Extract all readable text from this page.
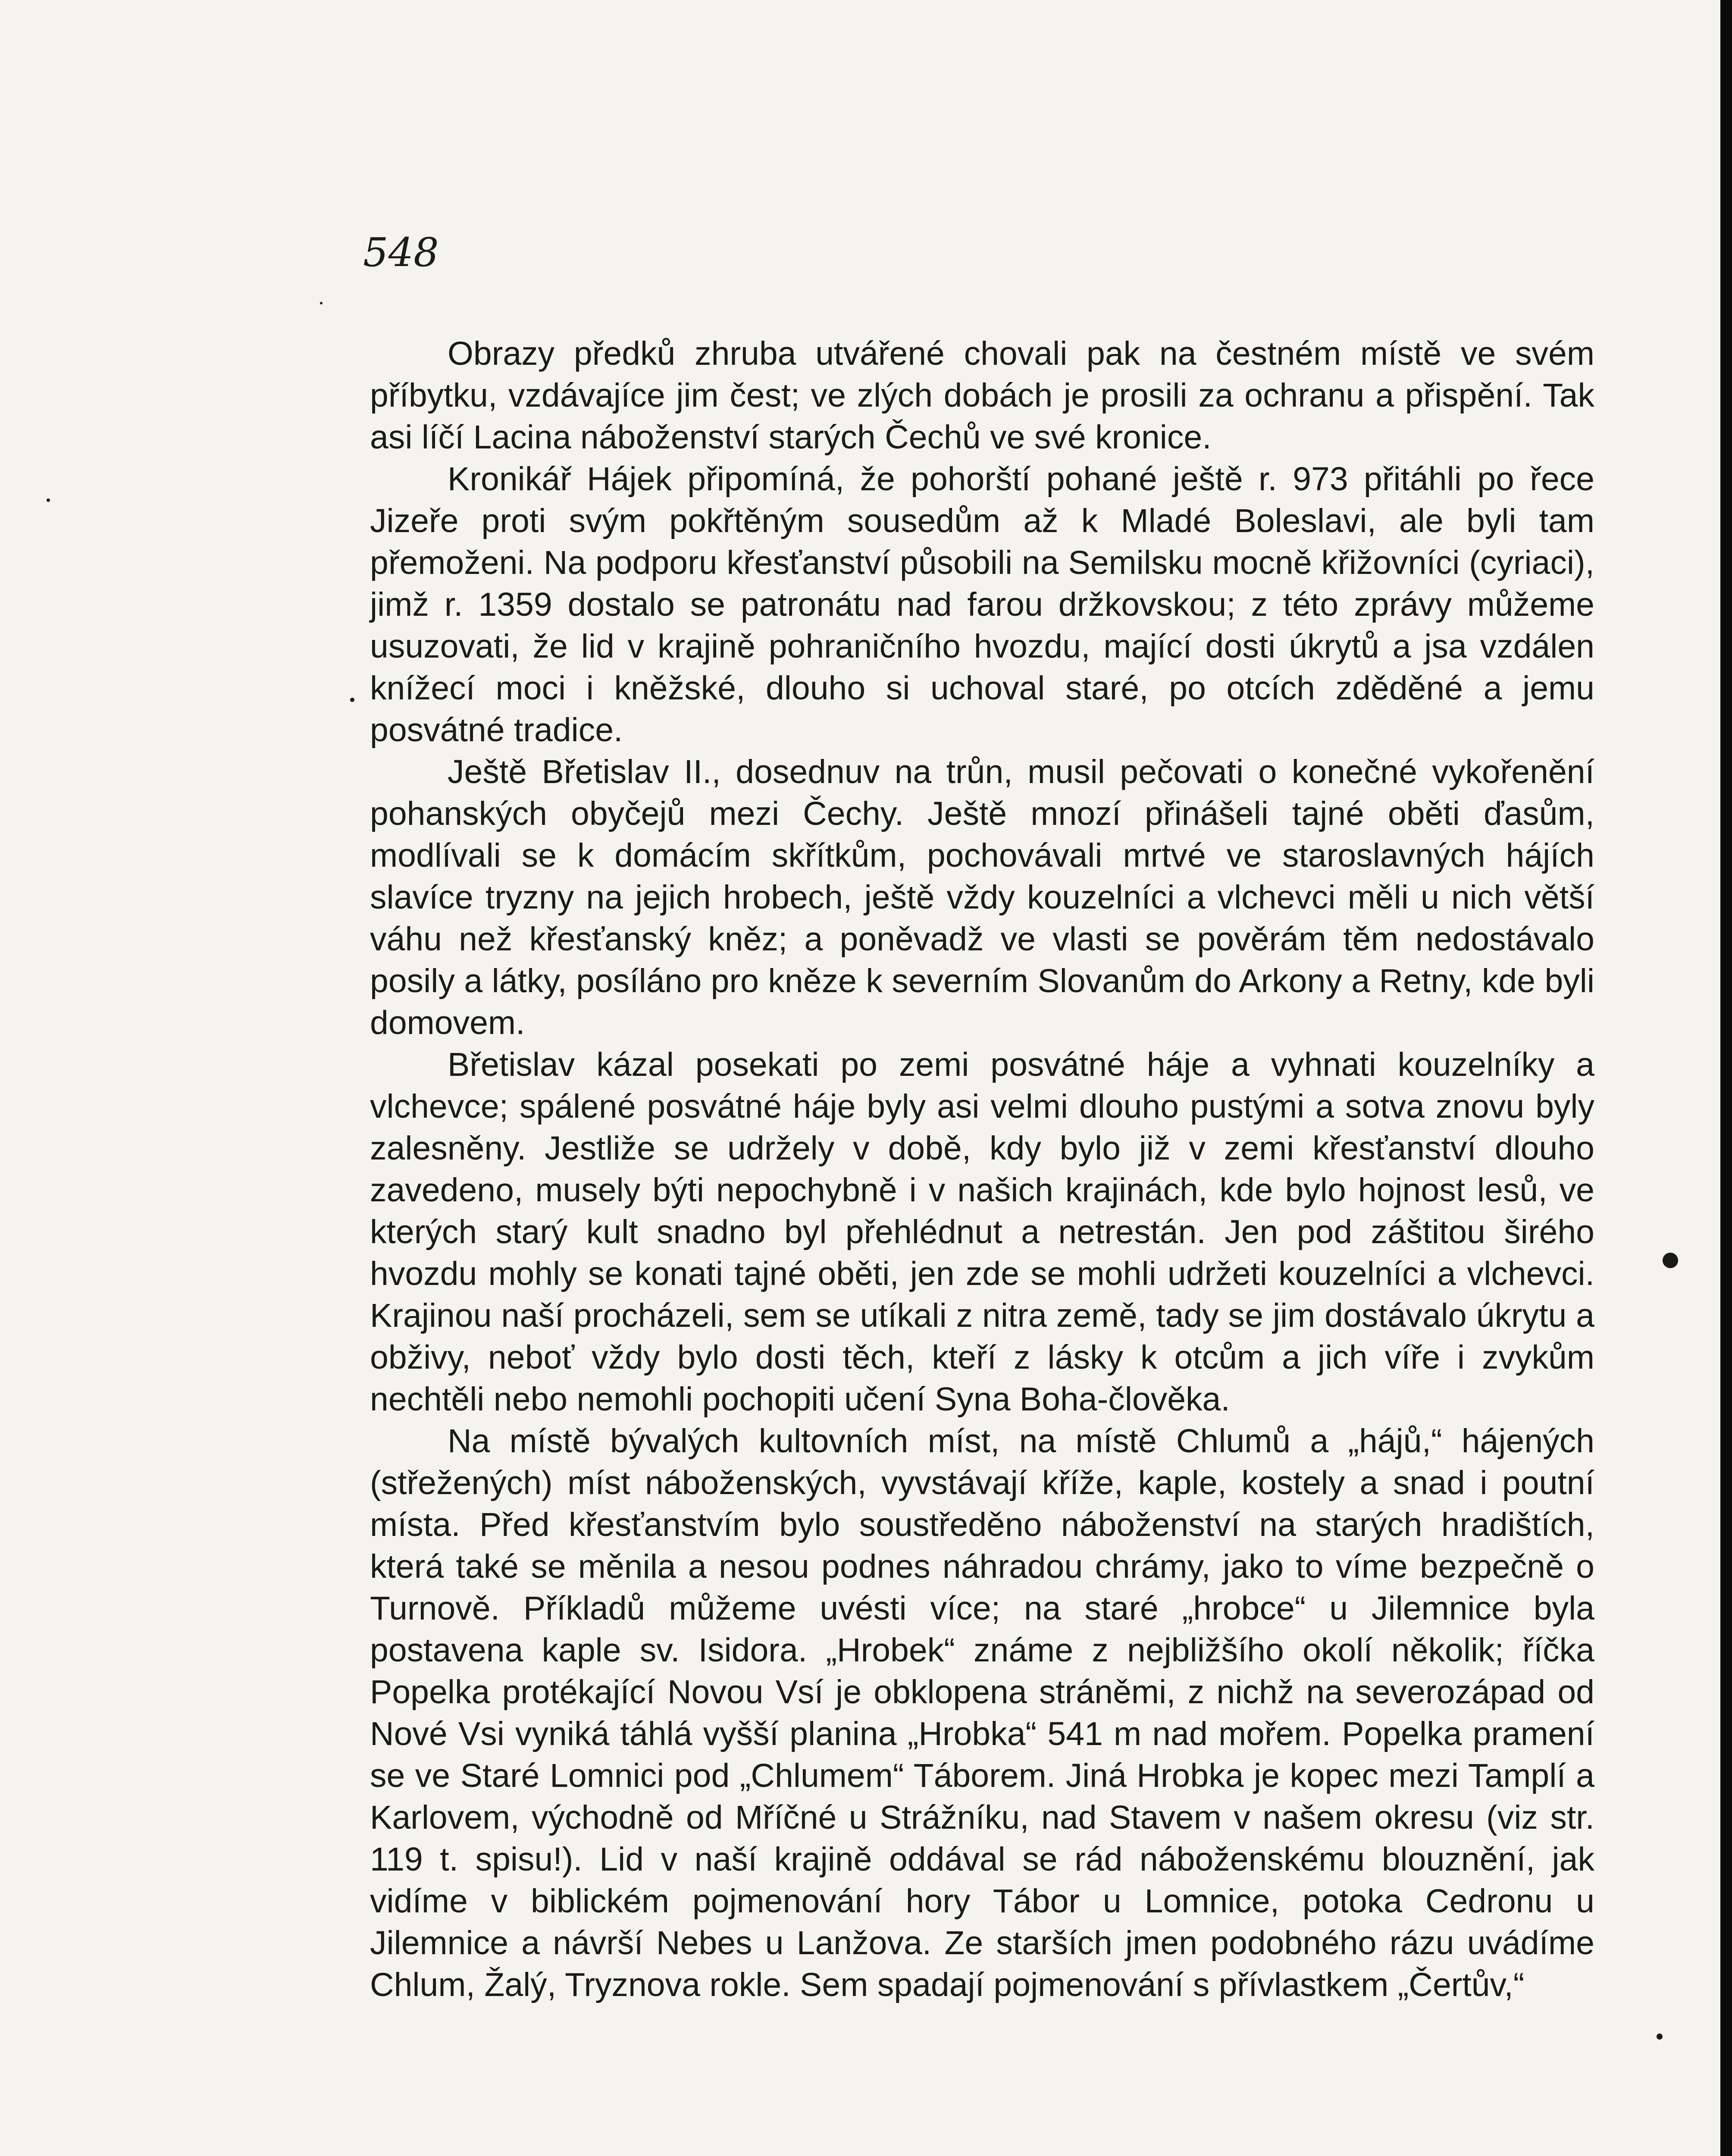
548

Obrazy předků zhruba utvářené chovali pak na čestném místě ve svém příbytku, vzdávajíce jim čest; ve zlých dobách je prosili za ochranu a přispění. Tak asi líčí Lacina náboženství starých Čechů ve své kronice.

Kronikář Hájek připomíná, že pohorští pohané ještě r. 973 přitáhli po řece Jizeře proti svým pokřtěným sousedům až k Mladé Boleslavi, ale byli tam přemoženi. Na podporu křesťanství působili na Semilsku mocně křižovníci (cyriaci), jimž r. 1359 dostalo se patronátu nad farou držkovskou; z této zprávy můžeme usuzovati, že lid v krajině pohraničního hvozdu, mající dosti úkrytů a jsa vzdálen knížecí moci i kněžské, dlouho si uchoval staré, po otcích zděděné a jemu posvátné tradice.

Ještě Břetislav II., dosednuv na trůn, musil pečovati o konečné vykořenění pohanských obyčejů mezi Čechy. Ještě mnozí přinášeli tajné oběti ďasům, modlívali se k domácím skřítkům, pochovávali mrtvé ve staroslavných hájích slavíce tryzny na jejich hrobech, ještě vždy kouzelníci a vlchevci měli u nich větší váhu než křesťanský kněz; a poněvadž ve vlasti se pověrám těm nedostávalo posily a látky, posíláno pro kněze k severním Slovanům do Arkony a Retny, kde byli domovem.

Břetislav kázal posekati po zemi posvátné háje a vyhnati kouzelníky a vlchevce; spálené posvátné háje byly asi velmi dlouho pustými a sotva znovu byly zalesněny. Jestliže se udržely v době, kdy bylo již v zemi křesťanství dlouho zavedeno, musely býti nepochybně i v našich krajinách, kde bylo hojnost lesů, ve kterých starý kult snadno byl přehlédnut a netrestán. Jen pod záštitou širého hvozdu mohly se konati tajné oběti, jen zde se mohli udržeti kouzelníci a vlchevci. Krajinou naší procházeli, sem se utíkali z nitra země, tady se jim dostávalo úkrytu a obživy, neboť vždy bylo dosti těch, kteří z lásky k otcům a jich víře i zvykům nechtěli nebo nemohli pochopiti učení Syna Boha-člověka.

Na místě bývalých kultovních míst, na místě Chlumů a „hájů,“ hájených (střežených) míst náboženských, vyvstávají kříže, kaple, kostely a snad i poutní místa. Před křesťanstvím bylo soustředěno náboženství na starých hradištích, která také se měnila a nesou podnes náhradou chrámy, jako to víme bezpečně o Turnově. Příkladů můžeme uvésti více; na staré „hrobce“ u Jilemnice byla postavena kaple sv. Isidora. „Hrobek“ známe z nejbližšího okolí několik; říčka Popelka protékající Novou Vsí je obklopena stráněmi, z nichž na severozápad od Nové Vsi vyniká táhlá vyšší planina „Hrobka“ 541 m nad mořem. Popelka pramení se ve Staré Lomnici pod „Chlumem“ Táborem. Jiná Hrobka je kopec mezi Tamplí a Karlovem, východně od Mříčné u Strážníku, nad Stavem v našem okresu (viz str. 119 t. spisu!). Lid v naší krajině oddával se rád náboženskému blouznění, jak vidíme v biblickém pojmenování hory Tábor u Lomnice, potoka Cedronu u Jilemnice a návrší Nebes u Lanžova. Ze starších jmen podobného rázu uvádíme Chlum, Žalý, Tryznova rokle. Sem spadají pojmenování s přívlastkem „Čertův,“
